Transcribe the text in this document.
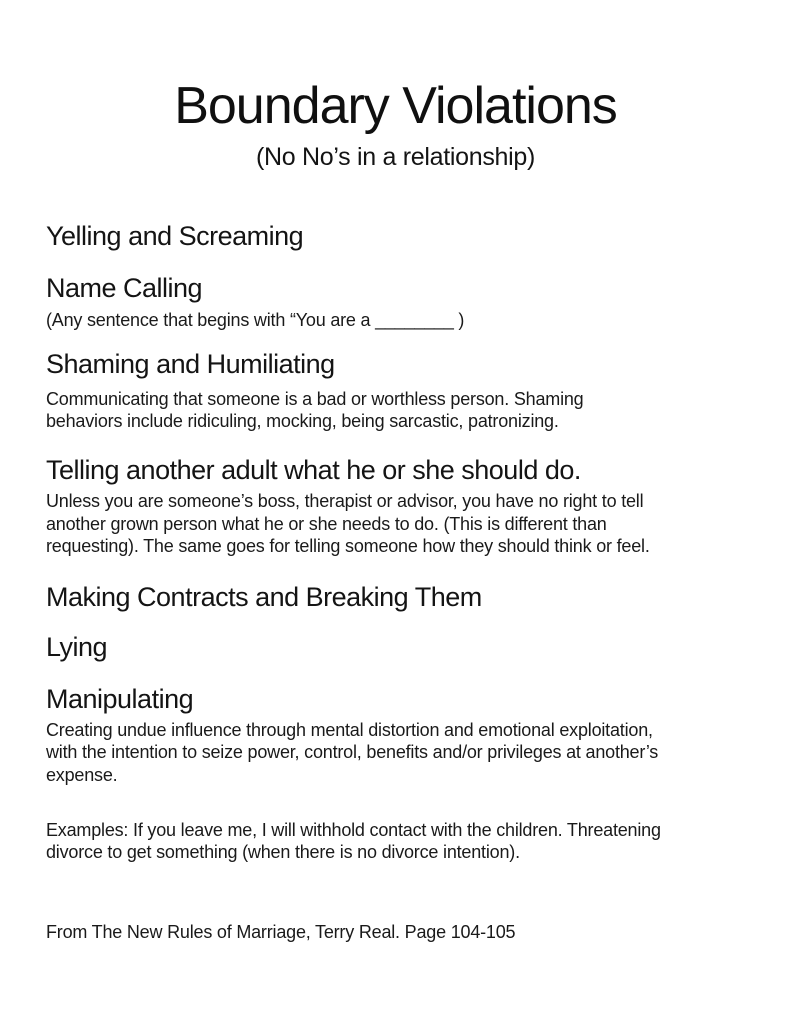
Boundary Violations
(No No’s in a relationship)
Yelling and Screaming
Name Calling
(Any sentence that begins with “You are a ________ )
Shaming and Humiliating
Communicating that someone is a bad or worthless person. Shaming
behaviors include ridiculing, mocking, being sarcastic, patronizing.
Telling another adult what he or she should do.
Unless you are someone’s boss, therapist or advisor, you have no right to tell
another grown person what he or she needs to do. (This is different than
requesting). The same goes for telling someone how they should think or feel.
Making Contracts and Breaking Them
Lying
Manipulating
Creating undue influence through mental distortion and emotional exploitation,
with the intention to seize power, control, benefits and/or privileges at another’s
expense.
Examples: If you leave me, I will withhold contact with the children. Threatening
divorce to get something (when there is no divorce intention).
From The New Rules of Marriage, Terry Real. Page 104-105
